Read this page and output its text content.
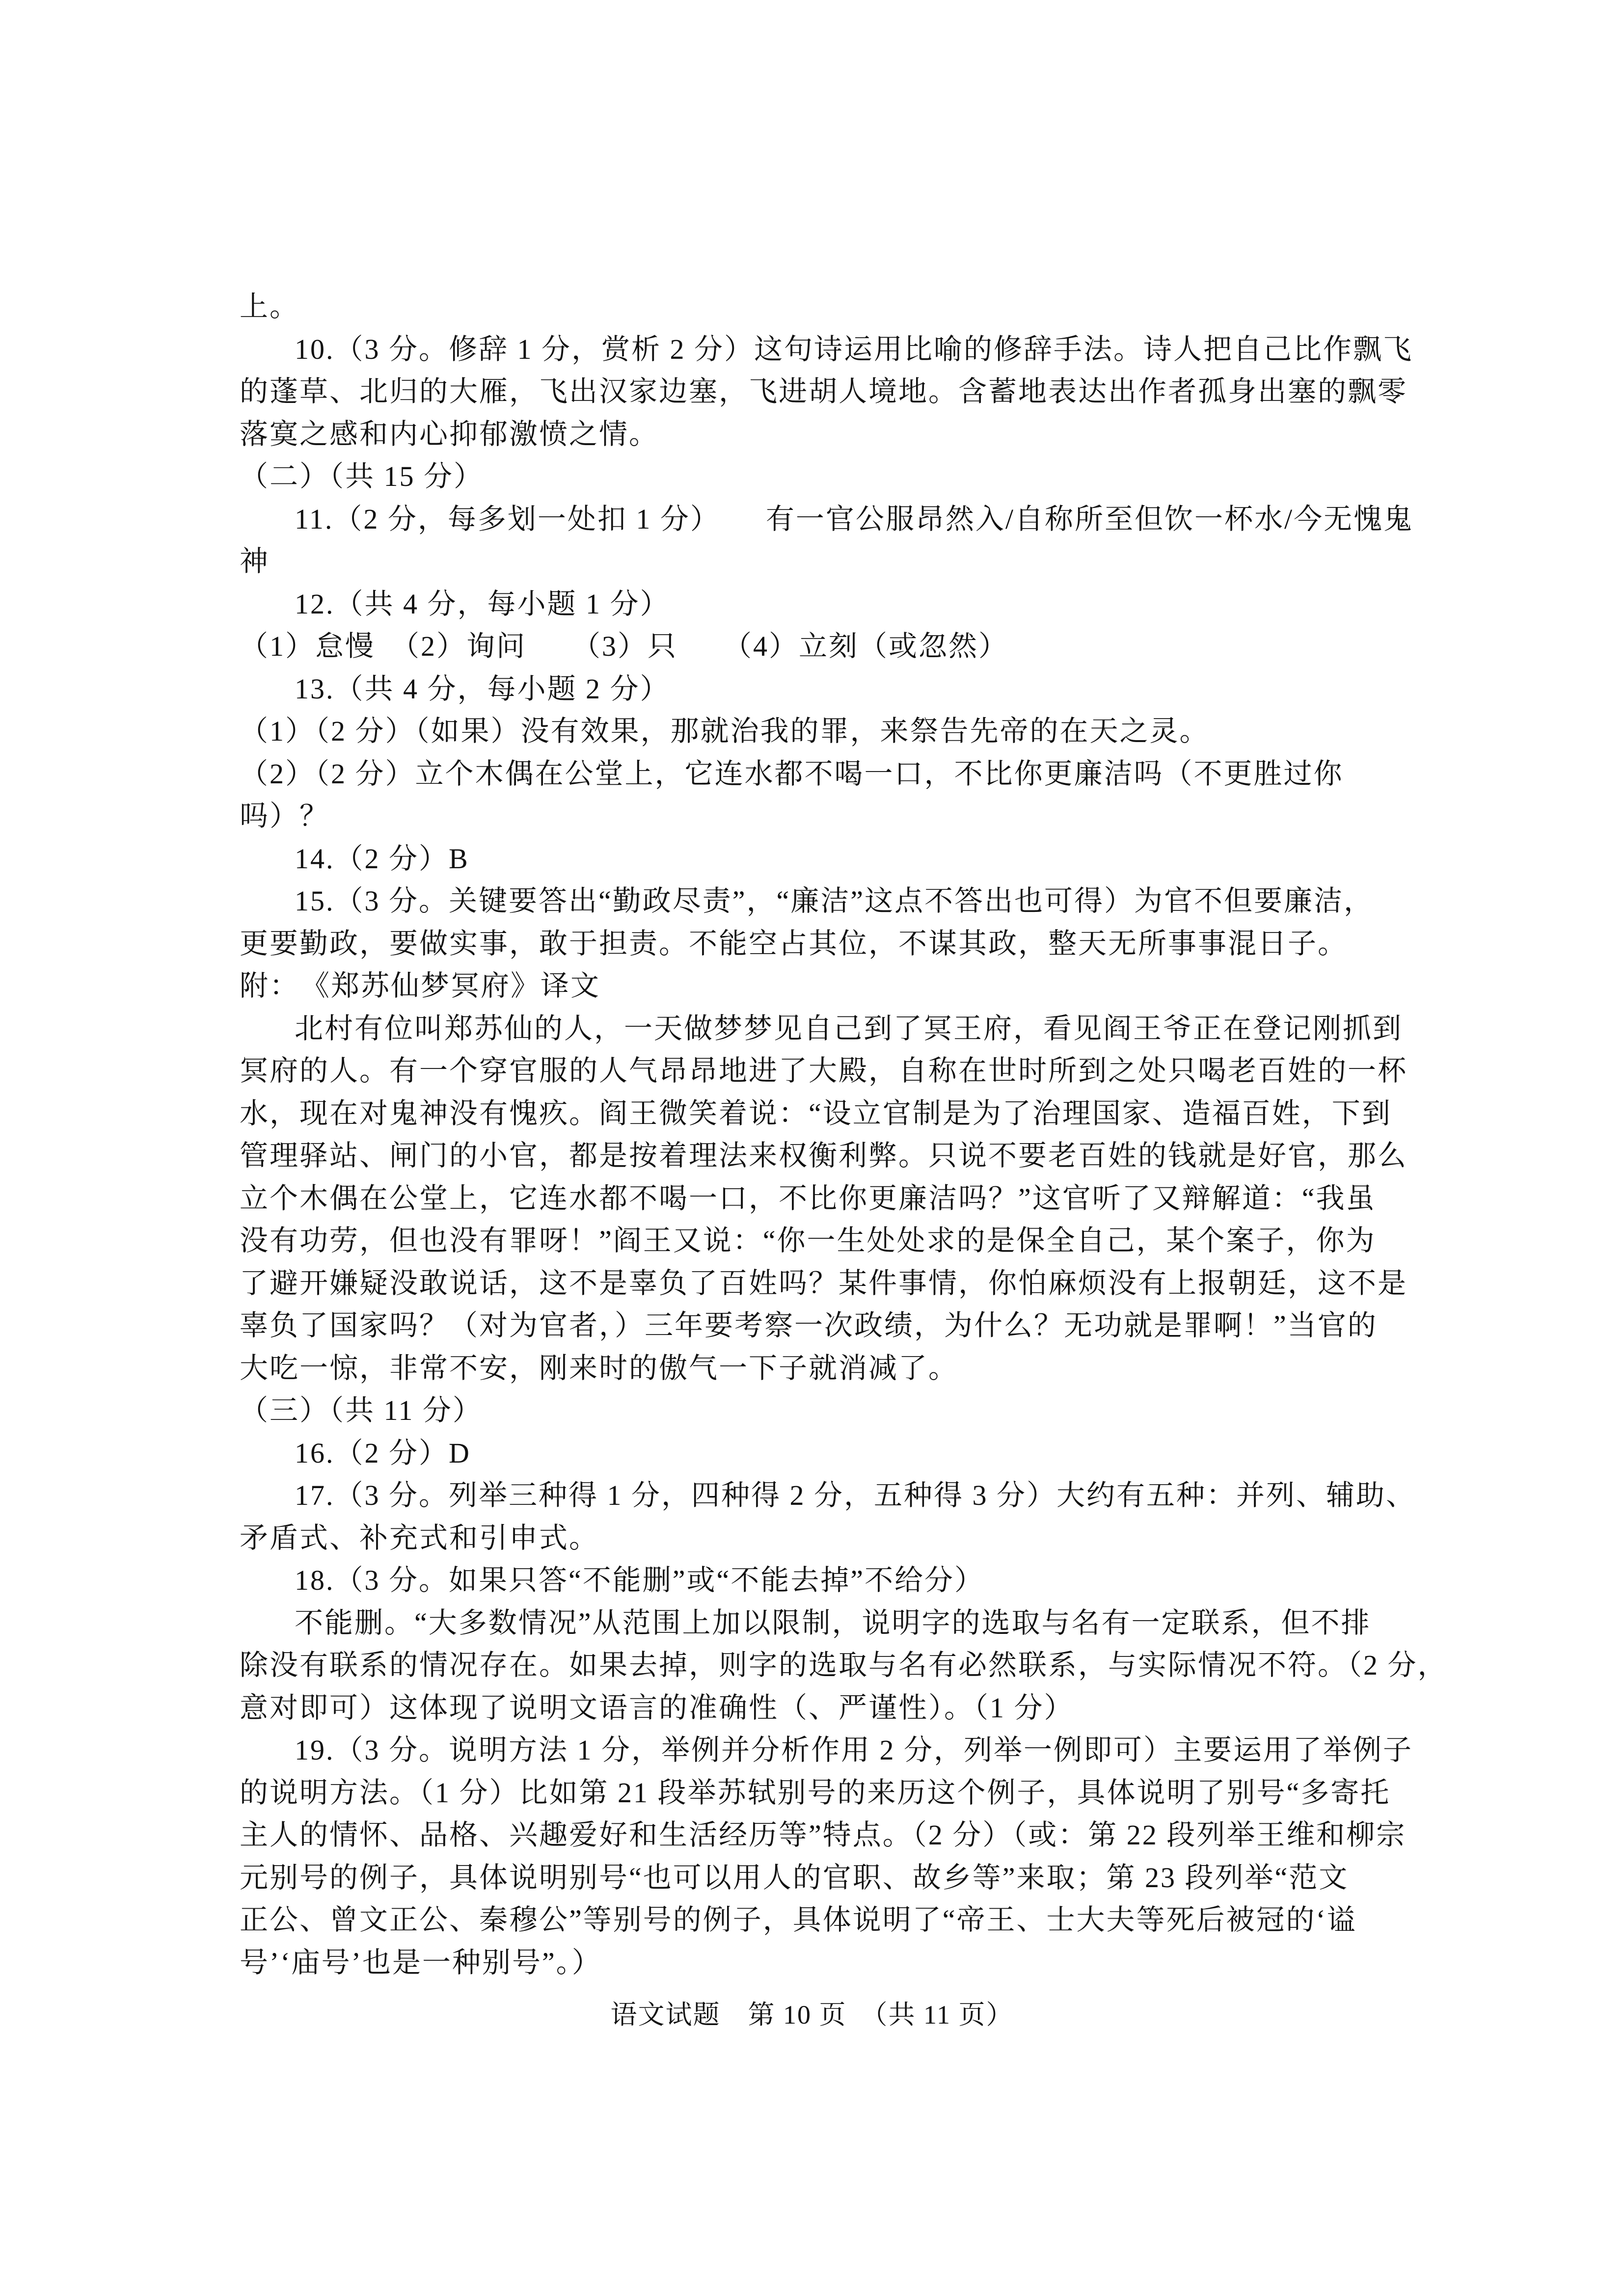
上。
10.（3 分。修辞 1 分，赏析 2 分）这句诗运用比喻的修辞手法。诗人把自己比作飘飞
的蓬草、北归的大雁，飞出汉家边塞，飞进胡人境地。含蓄地表达出作者孤身出塞的飘零
落寞之感和内心抑郁激愤之情。
（二）（共 15 分）
11.（2 分，每多划一处扣 1 分）　　有一官公服昂然入/自称所至但饮一杯水/今无愧鬼
神
12.（共 4 分，每小题 1 分）
（1）怠慢　（2）询问　　（3）只　　（4）立刻（或忽然）
13.（共 4 分，每小题 2 分）
（1）（2 分）（如果）没有效果，那就治我的罪，来祭告先帝的在天之灵。
（2）（2 分）立个木偶在公堂上，它连水都不喝一口，不比你更廉洁吗（不更胜过你
吗）？
14.（2 分）B
15.（3 分。关键要答出“勤政尽责”，“廉洁”这点不答出也可得）为官不但要廉洁，
更要勤政，要做实事，敢于担责。不能空占其位，不谋其政，整天无所事事混日子。
附：　《郑苏仙梦冥府》译文
北村有位叫郑苏仙的人，一天做梦梦见自己到了冥王府，看见阎王爷正在登记刚抓到
冥府的人。有一个穿官服的人气昂昂地进了大殿，自称在世时所到之处只喝老百姓的一杯
水，现在对鬼神没有愧疚。阎王微笑着说：“设立官制是为了治理国家、造福百姓，下到
管理驿站、闸门的小官，都是按着理法来权衡利弊。只说不要老百姓的钱就是好官，那么
立个木偶在公堂上，它连水都不喝一口，不比你更廉洁吗？”这官听了又辩解道：“我虽
没有功劳，但也没有罪呀！”阎王又说：“你一生处处求的是保全自己，某个案子，你为
了避开嫌疑没敢说话，这不是辜负了百姓吗？某件事情，你怕麻烦没有上报朝廷，这不是
辜负了国家吗？（对为官者，）三年要考察一次政绩，为什么？无功就是罪啊！”当官的
大吃一惊，非常不安，刚来时的傲气一下子就消减了。
（三）（共 11 分）
16.（2 分）D
17.（3 分。列举三种得 1 分，四种得 2 分，五种得 3 分）大约有五种：并列、辅助、
矛盾式、补充式和引申式。
18.（3 分。如果只答“不能删”或“不能去掉”不给分）
不能删。“大多数情况”从范围上加以限制，说明字的选取与名有一定联系，但不排
除没有联系的情况存在。如果去掉，则字的选取与名有必然联系，与实际情况不符。（2 分，
意对即可）这体现了说明文语言的准确性（、严谨性）。（1 分）
19.（3 分。说明方法 1 分，举例并分析作用 2 分，列举一例即可）主要运用了举例子
的说明方法。（1 分）比如第 21 段举苏轼别号的来历这个例子，具体说明了别号“多寄托
主人的情怀、品格、兴趣爱好和生活经历等”特点。（2 分）（或：第 22 段列举王维和柳宗
元别号的例子，具体说明别号“也可以用人的官职、故乡等”来取；第 23 段列举“范文
正公、曾文正公、秦穆公”等别号的例子，具体说明了“帝王、士大夫等死后被冠的‘谥
号’‘庙号’也是一种别号”。）
语文试题　第 10 页　（共 11 页）
